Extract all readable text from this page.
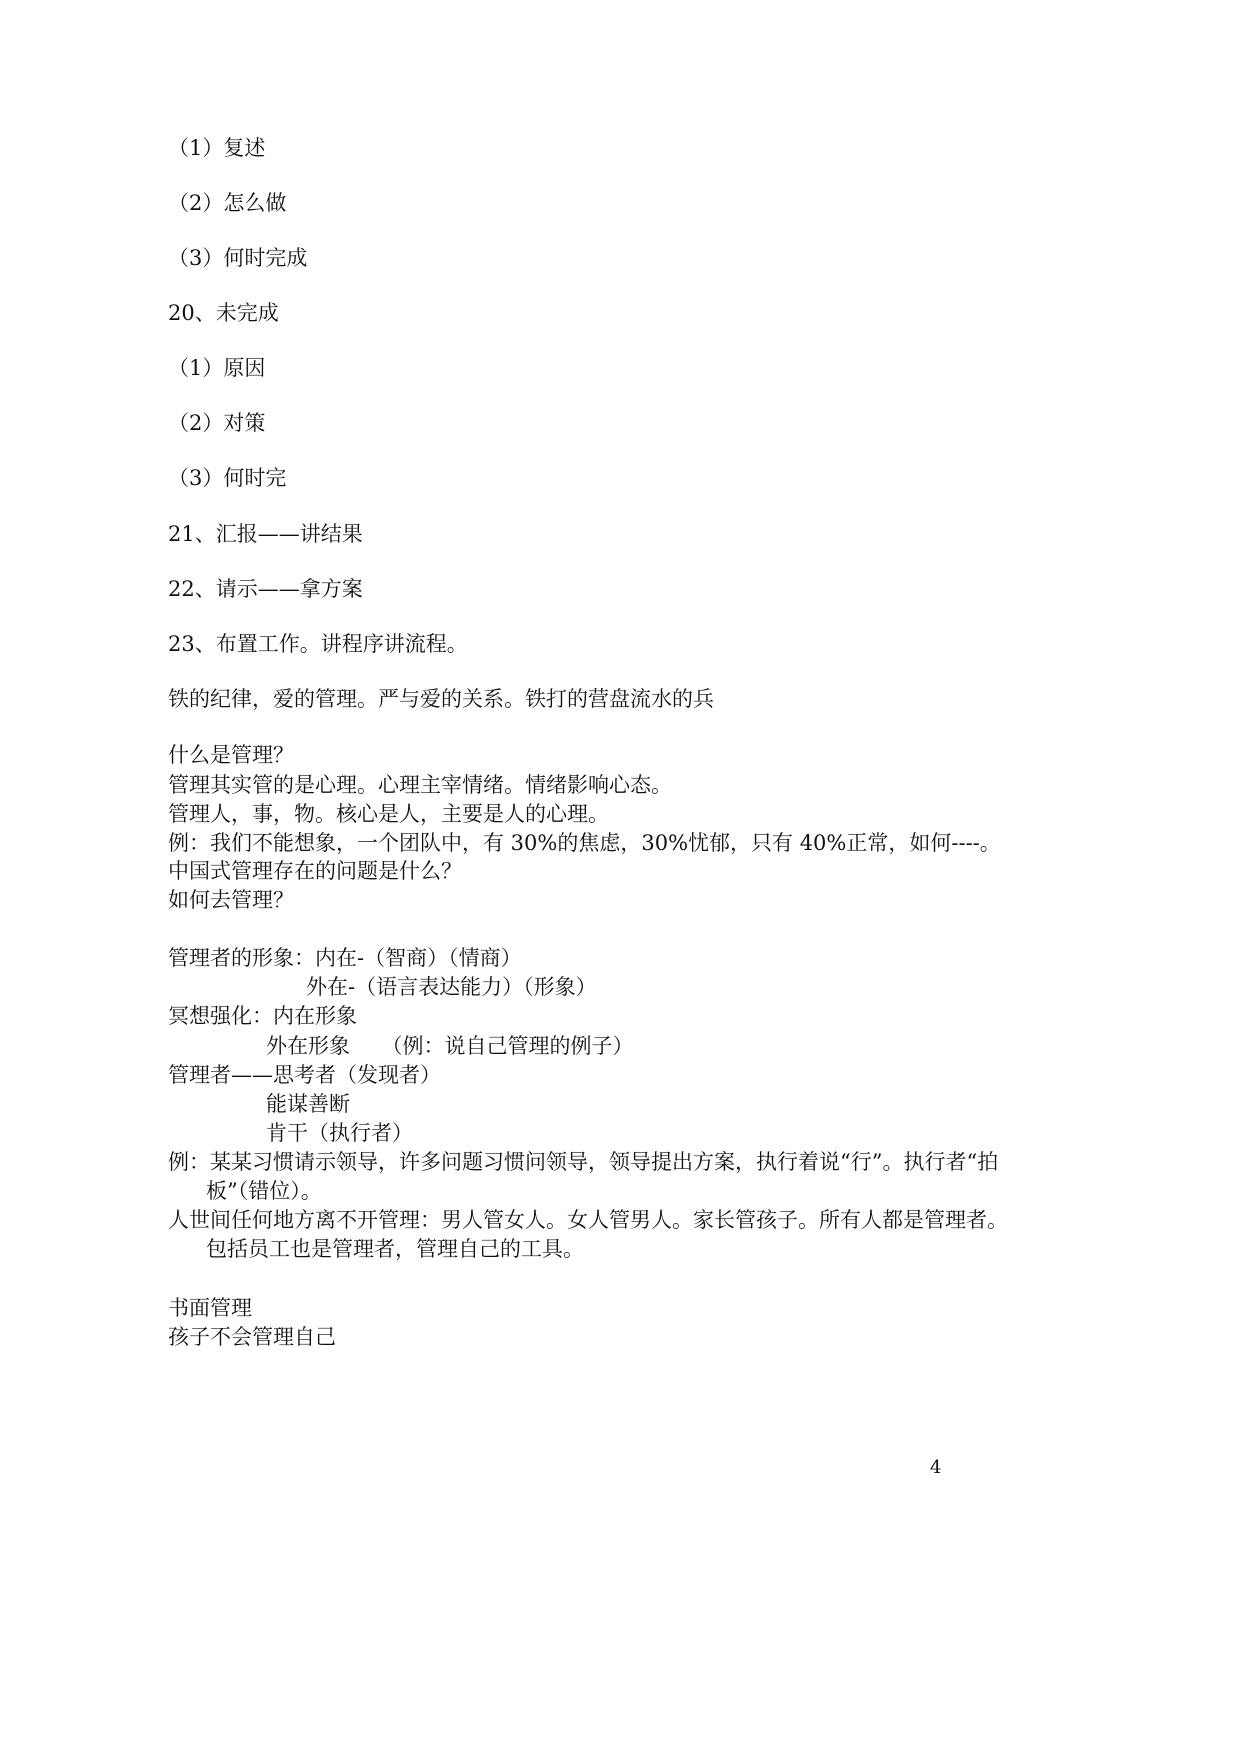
（1）复述

（2）怎么做

（3）何时完成

20、未完成

（1）原因

（2）对策

（3）何时完

21、汇报——讲结果

22、请示——拿方案

23、布置工作。讲程序讲流程。

铁的纪律，爱的管理。严与爱的关系。铁打的营盘流水的兵

什么是管理？

管理其实管的是心理。心理主宰情绪。情绪影响心态。

管理人，事，物。核心是人，主要是人的心理。

例：我们不能想象，一个团队中，有 30%的焦虑，30%忧郁，只有 40%正常，如何----。

中国式管理存在的问题是什么？

如何去管理？

管理者的形象：内在-（智商）（情商）

外在-（语言表达能力）（形象）

冥想强化：内在形象

外在形象　　（例：说自己管理的例子）

管理者——思考者（发现者）

能谋善断

肯干（执行者）

例：某某习惯请示领导，许多问题习惯问领导，领导提出方案，执行着说“行”。执行者“拍

板”（错位）。

人世间任何地方离不开管理：男人管女人。女人管男人。家长管孩子。所有人都是管理者。

包括员工也是管理者，管理自己的工具。

书面管理

孩子不会管理自己

4
